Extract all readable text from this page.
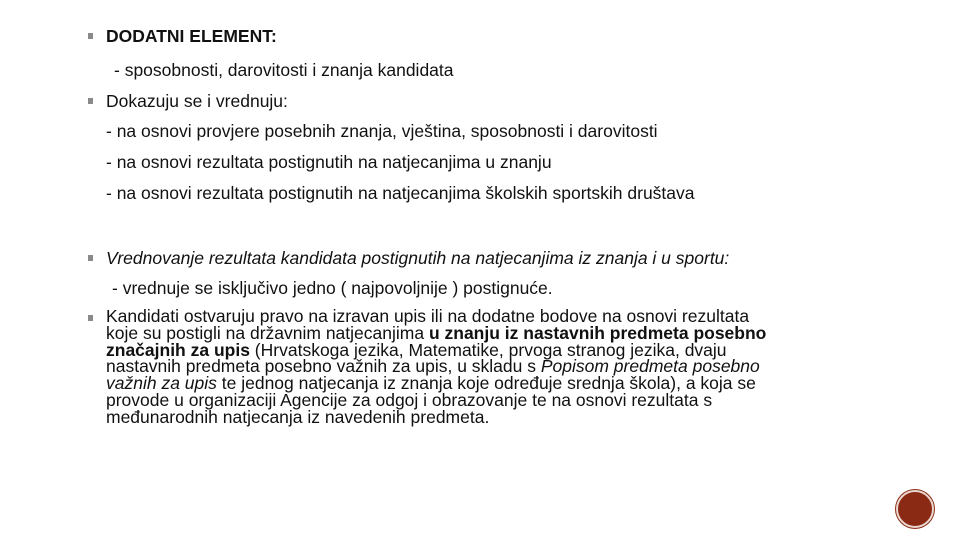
DODATNI ELEMENT:
- sposobnosti, darovitosti i znanja kandidata
Dokazuju se i vrednuju:
- na osnovi provjere posebnih znanja, vještina, sposobnosti i darovitosti
- na osnovi rezultata postignutih na natjecanjima u znanju
- na osnovi rezultata postignutih na natjecanjima školskih sportskih društava
Vrednovanje rezultata kandidata postignutih na natjecanjima iz znanja i u sportu:
- vrednuje se isključivo jedno ( najpovoljnije ) postignuće.
Kandidati ostvaruju pravo na izravan upis ili na dodatne bodove na osnovi rezultata
koje su postigli na državnim natjecanjima u znanju iz nastavnih predmeta posebno
značajnih za upis (Hrvatskoga jezika, Matematike, prvoga stranog jezika, dvaju
nastavnih predmeta posebno važnih za upis, u skladu s Popisom predmeta posebno
važnih za upis te jednog natjecanja iz znanja koje određuje srednja škola), a koja se
provode u organizaciji Agencije za odgoj i obrazovanje te na osnovi rezultata s
međunarodnih natjecanja iz navedenih predmeta.
